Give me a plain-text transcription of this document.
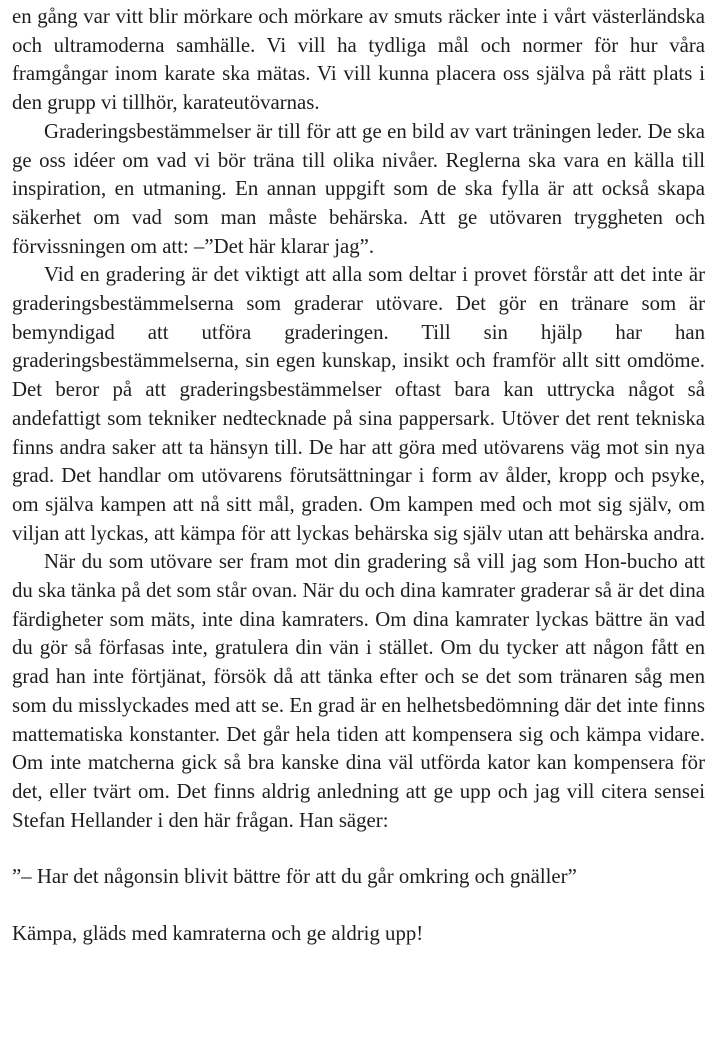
en gång var vitt blir mörkare och mörkare av smuts räcker inte i vårt västerländska och ultramoderna samhälle. Vi vill ha tydliga mål och normer för hur våra framgångar inom karate ska mätas. Vi vill kunna placera oss själva på rätt plats i den grupp vi tillhör, karateutövarnas.

Graderingsbestämmelser är till för att ge en bild av vart träningen leder. De ska ge oss idéer om vad vi bör träna till olika nivåer. Reglerna ska vara en källa till inspiration, en utmaning. En annan uppgift som de ska fylla är att också skapa säkerhet om vad som man måste behärska. Att ge utövaren tryggheten och förvissningen om att: –”Det här klarar jag”.

Vid en gradering är det viktigt att alla som deltar i provet förstår att det inte är graderingsbestämmelserna som graderar utövare. Det gör en tränare som är bemyndigad att utföra graderingen. Till sin hjälp har han graderingsbestämmelserna, sin egen kunskap, insikt och framför allt sitt omdöme. Det beror på att graderingsbestämmelser oftast bara kan uttrycka något så andefattigt som tekniker nedtecknade på sina pappersark. Utöver det rent tekniska finns andra saker att ta hänsyn till. De har att göra med utövarens väg mot sin nya grad. Det handlar om utövarens förutsättningar i form av ålder, kropp och psyke, om själva kampen att nå sitt mål, graden. Om kampen med och mot sig själv, om viljan att lyckas, att kämpa för att lyckas behärska sig själv utan att behärska andra.

När du som utövare ser fram mot din gradering så vill jag som Hon-bucho att du ska tänka på det som står ovan. När du och dina kamrater graderar så är det dina färdigheter som mäts, inte dina kamraters. Om dina kamrater lyckas bättre än vad du gör så förfasas inte, gratulera din vän i stället. Om du tycker att någon fått en grad han inte förtjänat, försök då att tänka efter och se det som tränaren såg men som du misslyckades med att se. En grad är en helhetsbedömning där det inte finns mattematiska konstanter. Det går hela tiden att kompensera sig och kämpa vidare. Om inte matcherna gick så bra kanske dina väl utförda kator kan kompensera för det, eller tvärt om. Det finns aldrig anledning att ge upp och jag vill citera sensei Stefan Hellander i den här frågan. Han säger:

”– Har det någonsin blivit bättre för att du går omkring och gnäller”

Kämpa, gläds med kamraterna och ge aldrig upp!
